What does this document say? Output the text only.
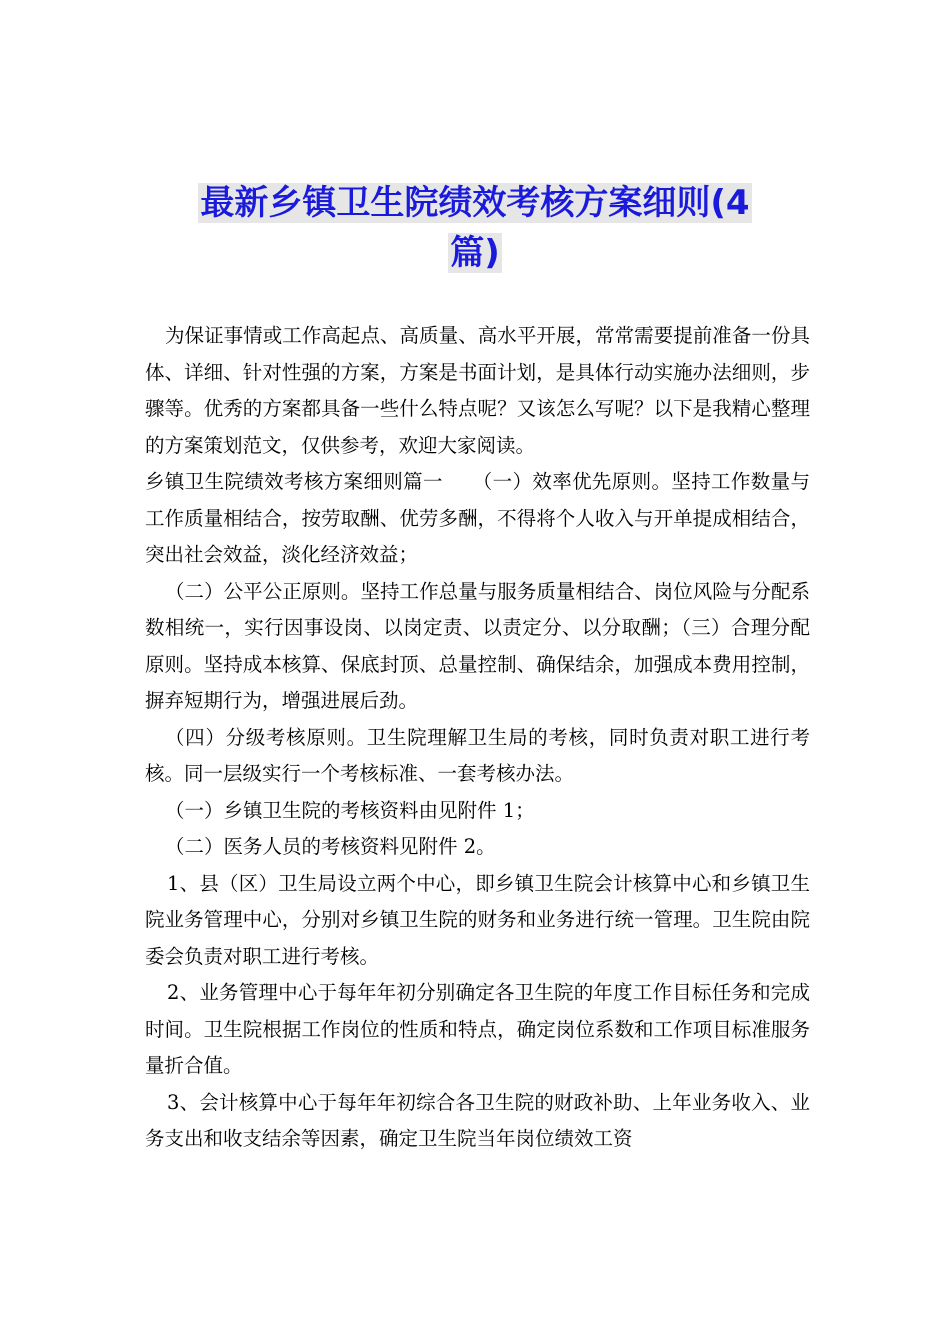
最新乡镇卫生院绩效考核方案细则(4
篇)

为保证事情或工作高起点、高质量、高水平开展，常常需要提前准备一份具体、详细、针对性强的方案，方案是书面计划，是具体行动实施办法细则，步骤等。优秀的方案都具备一些什么特点呢？又该怎么写呢？以下是我精心整理的方案策划范文，仅供参考，欢迎大家阅读。

乡镇卫生院绩效考核方案细则篇一　　（一）效率优先原则。坚持工作数量与工作质量相结合，按劳取酬、优劳多酬，不得将个人收入与开单提成相结合，突出社会效益，淡化经济效益；

（二）公平公正原则。坚持工作总量与服务质量相结合、岗位风险与分配系数相统一，实行因事设岗、以岗定责、以责定分、以分取酬；（三）合理分配原则。坚持成本核算、保底封顶、总量控制、确保结余，加强成本费用控制，摒弃短期行为，增强进展后劲。

（四）分级考核原则。卫生院理解卫生局的考核，同时负责对职工进行考核。同一层级实行一个考核标准、一套考核办法。

（一）乡镇卫生院的考核资料由见附件 1；

（二）医务人员的考核资料见附件 2。

1、县（区）卫生局设立两个中心，即乡镇卫生院会计核算中心和乡镇卫生院业务管理中心，分别对乡镇卫生院的财务和业务进行统一管理。卫生院由院委会负责对职工进行考核。

2、业务管理中心于每年年初分别确定各卫生院的年度工作目标任务和完成时间。卫生院根据工作岗位的性质和特点，确定岗位系数和工作项目标准服务量折合值。

3、会计核算中心于每年年初综合各卫生院的财政补助、上年业务收入、业务支出和收支结余等因素，确定卫生院当年岗位绩效工资
